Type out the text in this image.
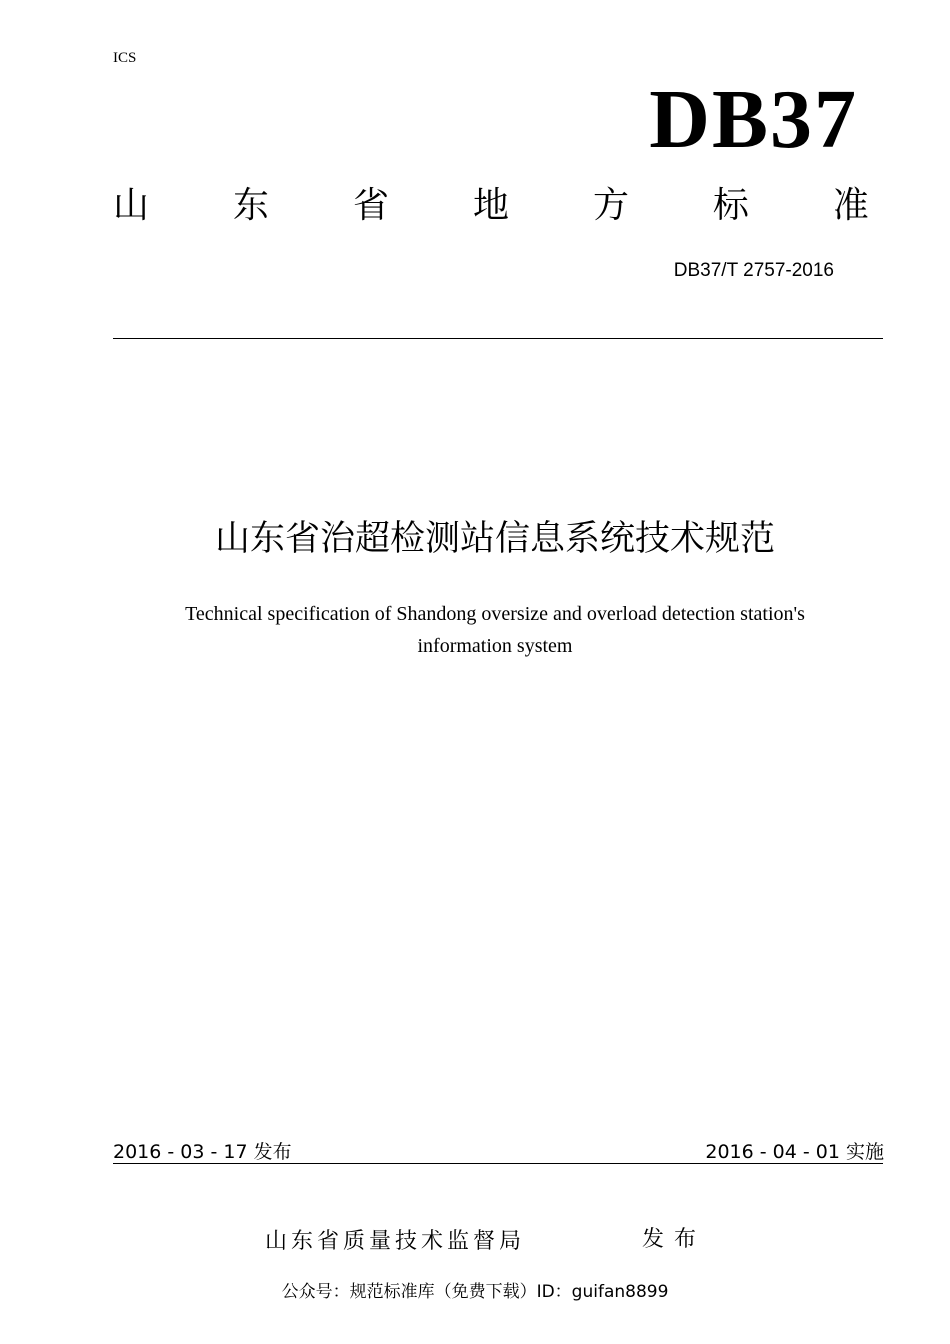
ICS
DB37
山 东 省 地 方 标 准
DB37/T 2757-2016
山东省治超检测站信息系统技术规范
Technical specification of Shandong oversize and overload detection station's
information system
2016 - 03 - 17 发布	2016 - 04 - 01 实施
山东省质量技术监督局	发布
公众号：规范标准库（免费下载）ID：guifan8899
